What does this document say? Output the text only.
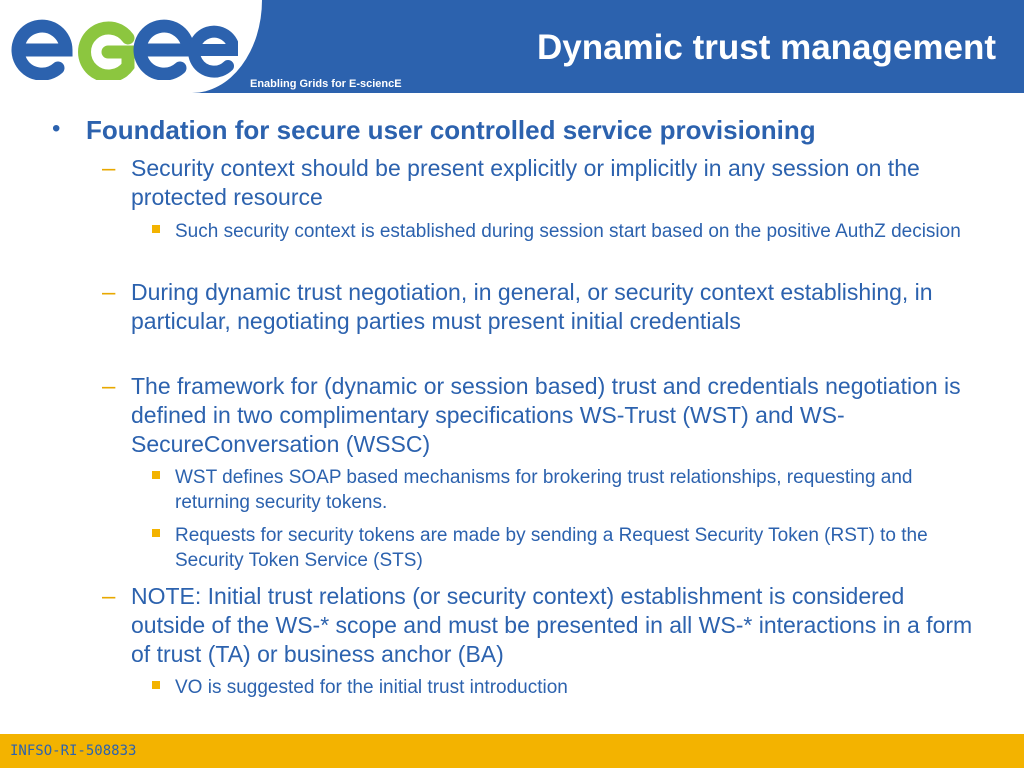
Dynamic trust management
Enabling Grids for E-sciencE
• Foundation for secure user controlled service provisioning
– Security context should be present explicitly or implicitly in any session on the protected resource
Such security context is established during session start based on the positive AuthZ decision
– During dynamic trust negotiation, in general, or security context establishing, in particular, negotiating parties must present initial credentials
– The framework for (dynamic or session based) trust and credentials negotiation is defined in two complimentary specifications WS-Trust (WST) and WS-SecureConversation (WSSC)
WST defines SOAP based mechanisms for brokering trust relationships, requesting and returning security tokens.
Requests for security tokens are made by sending a Request Security Token (RST) to the Security Token Service (STS)
– NOTE: Initial trust relations (or security context) establishment is considered outside of the WS-* scope and must be presented in all WS-* interactions in a form of trust (TA) or business anchor (BA)
VO is suggested for the initial trust introduction
INFSO-RI-508833
